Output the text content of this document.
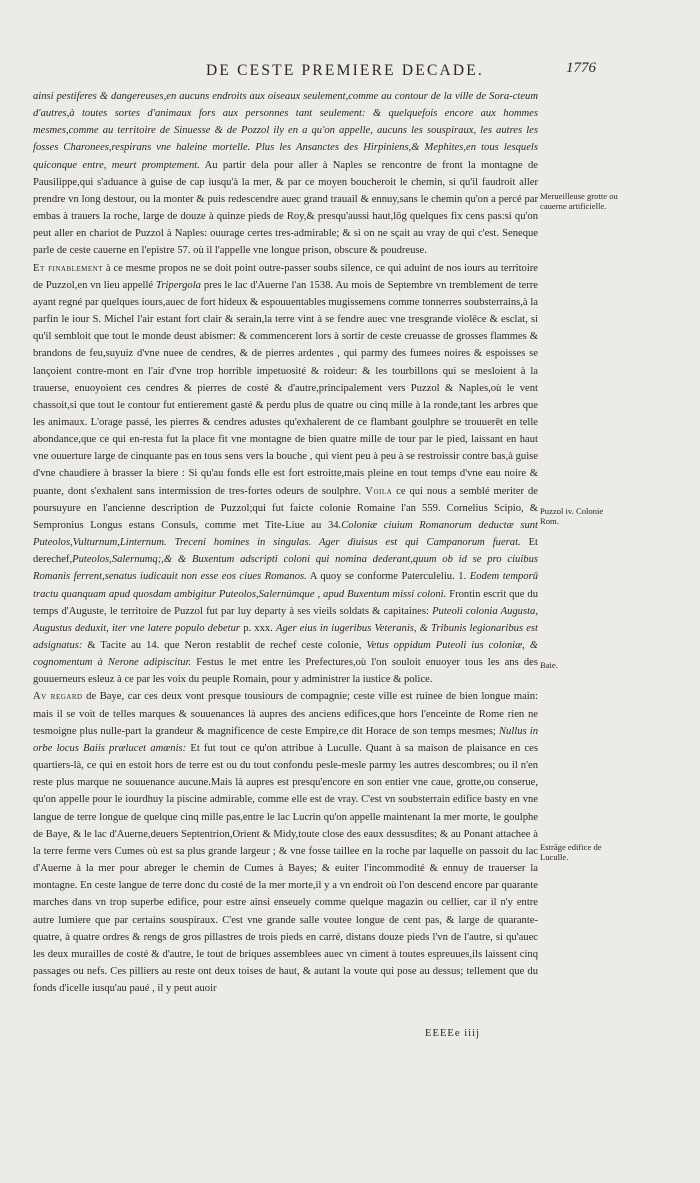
DE CESTE PREMIERE DECADE.	1776

ainsi pestiferes & dangereuses,en aucuns endroits aux oiseaux seulement,comme au contour de la ville de Sora-cteum d'autres,à toutes sortes d'animaux fors aux personnes tant seulement: & quelquefois encore aux hommes mesmes,comme au territoire de Sinuesse & de Pozzol ily en a qu'on appelle, aucuns les souspiraux, les autres les fosses Charonees,respirans vne haleine mortelle. Plus les Ansanctes des Hirpiniens,& Mephites,en tous lesquels quiconque entre, meurt promptement. Au partir dela pour aller à Naples se rencontre de front la montagne de Pausilippe,qui s'aduance à guise de cap iusqu'à la mer, & par ce moyen boucheroit le chemin, si qu'il faudroit aller prendre vn long destour, ou la monter & puis redescendre auec grand trauail & ennuy,sans le chemin qu'on a percé par embas à trauers la roche, large de douze à quinze pieds de Roy,& presqu'aussi haut,lōg quelques fix cens pas:si qu'on peut aller en chariot de Puzzol à Naples: ouurage certes tres-admirable; & si on ne sçait au vray de qui c'est. Seneque parle de ceste cauerne en l'epistre 57. où il l'appelle vne longue prison, obscure & poudreuse.

Et finablement à ce mesme propos ne se doit point outre-passer soubs silence, ce qui aduint de nos iours au territoire de Puzzol,en vn lieu appellé Tripergola pres le lac d'Auerne l'an 1538. Au mois de Septembre vn tremblement de terre ayant regné par quelques iours,auec de fort hideux & espouuentables mugissemens comme tonnerres soubsterrains,à la parfin le iour S. Michel l'air estant fort clair & serain,la terre vint à se fendre auec vne tresgrande violēce & esclat, si qu'il sembloit que tout le monde deust abismer: & commencerent lors à sortir de ceste creuasse de grosses flammes & brandons de feu,suyuiz d'vne nuee de cendres, & de pierres ardentes , qui parmy des fumees noires & espoisses se lançoient contre-mont en l'air d'vne trop horrible impetuosité & roideur: & les tourbillons qui se mesloient à la trauerse, enuoyoient ces cendres & pierres de costé & d'autre,principalement vers Puzzol & Naples,où le vent chassoit,si que tout le contour fut entierement gasté & perdu plus de quatre ou cinq mille à la ronde,tant les arbres que les animaux. L'orage passé, les pierres & cendres adustes qu'exhalerent de ce flambant goulphre se trouuerēt en telle abondance,que ce qui en-resta fut la place fit vne montagne de bien quatre mille de tour par le pied, laissant en haut vne ouuerture large de cinquante pas en tous sens vers la bouche , qui vient peu à peu à se restroissir contre bas,à guise d'vne chaudiere à brasser la biere : Si qu'au fonds elle est fort estroitte,mais pleine en tout temps d'vne eau noire & puante, dont s'exhalent sans intermission de tres-fortes odeurs de soulphre. Voila ce qui nous a semblé meriter de poursuyure en l'ancienne description de Puzzol;qui fut faicte colonie Romaine l'an 559. Cornelius Scipio, & Sempronius Longus estans Consuls, comme met Tite-Liue au 34.Coloniæ ciuium Romanorum deductæ sunt Puteolos,Vulturnum,Linternum. Treceni homines in singulas. Ager diuisus est qui Campanorum fuerat. Et derechef,Puteolos,Salernumq;,& & Buxentum adscripti coloni qui nomina dederant,quum ob id se pro ciuibus Romanis ferrent,senatus iudicauit non esse eos ciues Romanos. A quoy se conforme Paterculeliu. 1. Eodem temporū tractu quanquam apud quosdam ambigitur Puteolos,Salernúmque , apud Buxentum missi coloni. Frontin escrit que du temps d'Auguste, le territoire de Puzzol fut par luy departy à ses vieils soldats & capitaines: Puteoli colonia Augusta, Augustus deduxit, iter vne latere populo debetur p. xxx. Ager eius in iugeribus Veteranis, & Tribunis legionaribus est adsignatus: & Tacite au 14. que Neron restablit de rechef ceste colonie, Vetus oppidum Puteoli ius coloniæ, & cognomentum à Nerone adipiscitur. Festus le met entre les Prefectures,où l'on souloit enuoyer tous les ans des gouuerneurs esleuz à ce par les voix du peuple Romain, pour y administrer la iustice & police.

Av regard de Baye, car ces deux vont presque tousiours de compagnie; ceste ville est ruinee de bien longue main: mais il se voit de telles marques & souuenances là aupres des anciens edifices,que hors l'enceinte de Rome rien ne tesmoigne plus nulle-part la grandeur & magnificence de ceste Empire,ce dit Horace de son temps mesmes; Nullus in orbe locus Baiis prælucet amœnis: Et fut tout ce qu'on attribue à Luculle. Quant à sa maison de plaisance en ces quartiers-là, ce qui en estoit hors de terre est ou du tout confondu pesle-mesle parmy les autres descombres; ou il n'en reste plus marque ne souuenance aucune.Mais là aupres est presqu'encore en son entier vne caue, grotte,ou conserue, qu'on appelle pour le iourdhuy la piscine admirable, comme elle est de vray. C'est vn soubsterrain edifice basty en vne langue de terre longue de quelque cinq mille pas,entre le lac Lucrin qu'on appelle maintenant la mer morte, le goulphe de Baye, & le lac d'Auerne,deuers Septentrion,Orient & Midy,toute close des eaux dessusdites; & au Ponant attachee à la terre ferme vers Cumes où est sa plus grande largeur ; & vne fosse taillee en la roche par laquelle on passoit du lac d'Auerne à la mer pour abreger le chemin de Cumes à Bayes; & euiter l'incommodité & ennuy de trauerser la montagne. En ceste langue de terre donc du costé de la mer morte,il y a vn endroit où l'on descend encore par quarante marches dans vn trop superbe edifice, pour estre ainsi enseuely comme quelque magazin ou cellier, car il n'y entre autre lumiere que par certains souspiraux. C'est vne grande salle voutee longue de cent pas, & large de quarante-quatre, à quatre ordres & rengs de gros pillastres de trois pieds en carré, distans douze pieds l'vn de l'autre, si qu'auec les deux murailles de costé & d'autre, le tout de briques assemblees auec vn ciment à toutes espreuues,ils laissent cinq passages ou nefs. Ces pilliers au reste ont deux toises de haut, & autant la voute qui pose au dessus; tellement que du fonds d'icelle iusqu'au paué , il y peut auoir

EEEEe iiij
Merueilleuse grotte ou cauerne artificielle.
Puzzol iv. Colonie Rom.
Baie.
Estrāge edifice de Luculle.
